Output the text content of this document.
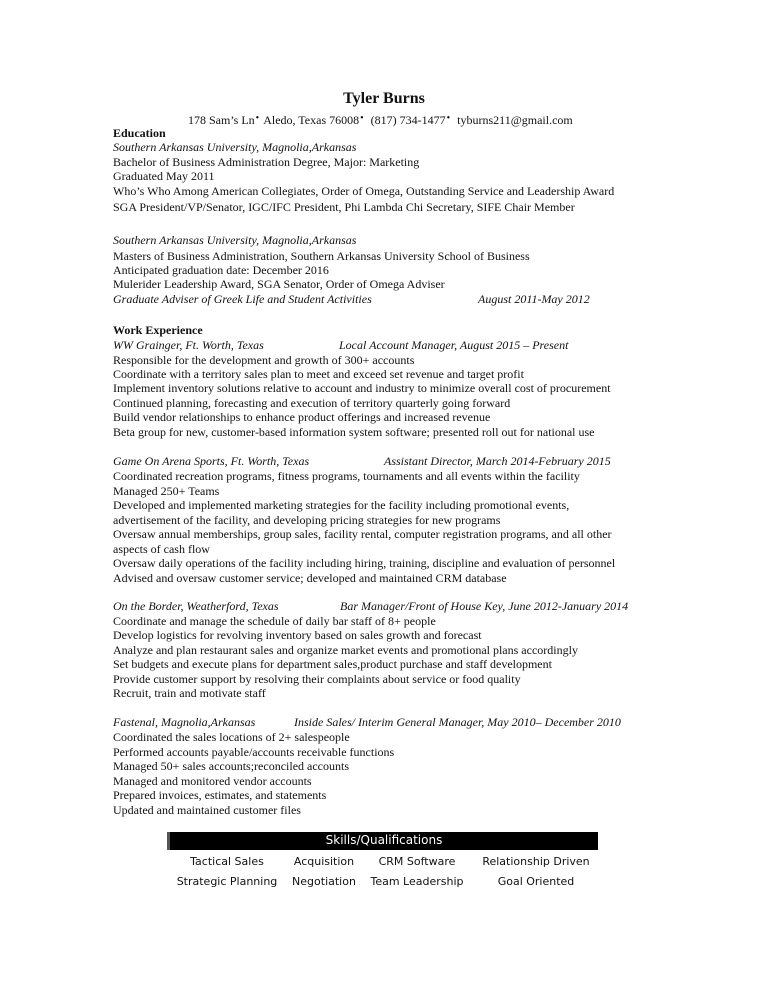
Tyler Burns
178 Sam’s Ln• Aledo, Texas 76008• (817) 734-1477• tyburns211@gmail.com
Education
Southern Arkansas University, Magnolia,Arkansas
Bachelor of Business Administration Degree, Major: Marketing
Graduated May 2011
Who’s Who Among American Collegiates, Order of Omega, Outstanding Service and Leadership Award
SGA President/VP/Senator, IGC/IFC President, Phi Lambda Chi Secretary, SIFE Chair Member
Southern Arkansas University, Magnolia,Arkansas
Masters of Business Administration, Southern Arkansas University School of Business
Anticipated graduation date: December 2016
Mulerider Leadership Award, SGA Senator, Order of Omega Adviser
Graduate Adviser of Greek Life and Student Activities	August 2011-May 2012
Work Experience
WW Grainger, Ft. Worth, Texas	Local Account Manager, August 2015 – Present
Responsible for the development and growth of 300+ accounts
Coordinate with a territory sales plan to meet and exceed set revenue and target profit
Implement inventory solutions relative to account and industry to minimize overall cost of procurement
Continued planning, forecasting and execution of territory quarterly going forward
Build vendor relationships to enhance product offerings and increased revenue
Beta group for new, customer-based information system software; presented roll out for national use
Game On Arena Sports, Ft. Worth, Texas	Assistant Director, March 2014-February 2015
Coordinated recreation programs, fitness programs, tournaments and all events within the facility
Managed 250+ Teams
Developed and implemented marketing strategies for the facility including promotional events,
advertisement of the facility, and developing pricing strategies for new programs
Oversaw annual memberships, group sales, facility rental, computer registration programs, and all other
aspects of cash flow
Oversaw daily operations of the facility including hiring, training, discipline and evaluation of personnel
Advised and oversaw customer service; developed and maintained CRM database
On the Border, Weatherford, Texas	Bar Manager/Front of House Key, June 2012-January 2014
Coordinate and manage the schedule of daily bar staff of 8+ people
Develop logistics for revolving inventory based on sales growth and forecast
Analyze and plan restaurant sales and organize market events and promotional plans accordingly
Set budgets and execute plans for department sales,product purchase and staff development
Provide customer support by resolving their complaints about service or food quality
Recruit, train and motivate staff
Fastenal, Magnolia,Arkansas	Inside Sales/ Interim General Manager, May 2010– December 2010
Coordinated the sales locations of 2+ salespeople
Performed accounts payable/accounts receivable functions
Managed 50+ sales accounts;reconciled accounts
Managed and monitored vendor accounts
Prepared invoices, estimates, and statements
Updated and maintained customer files
Skills/Qualifications
Tactical Sales	Acquisition	CRM Software	Relationship Driven
Strategic Planning	Negotiation	Team Leadership	Goal Oriented
